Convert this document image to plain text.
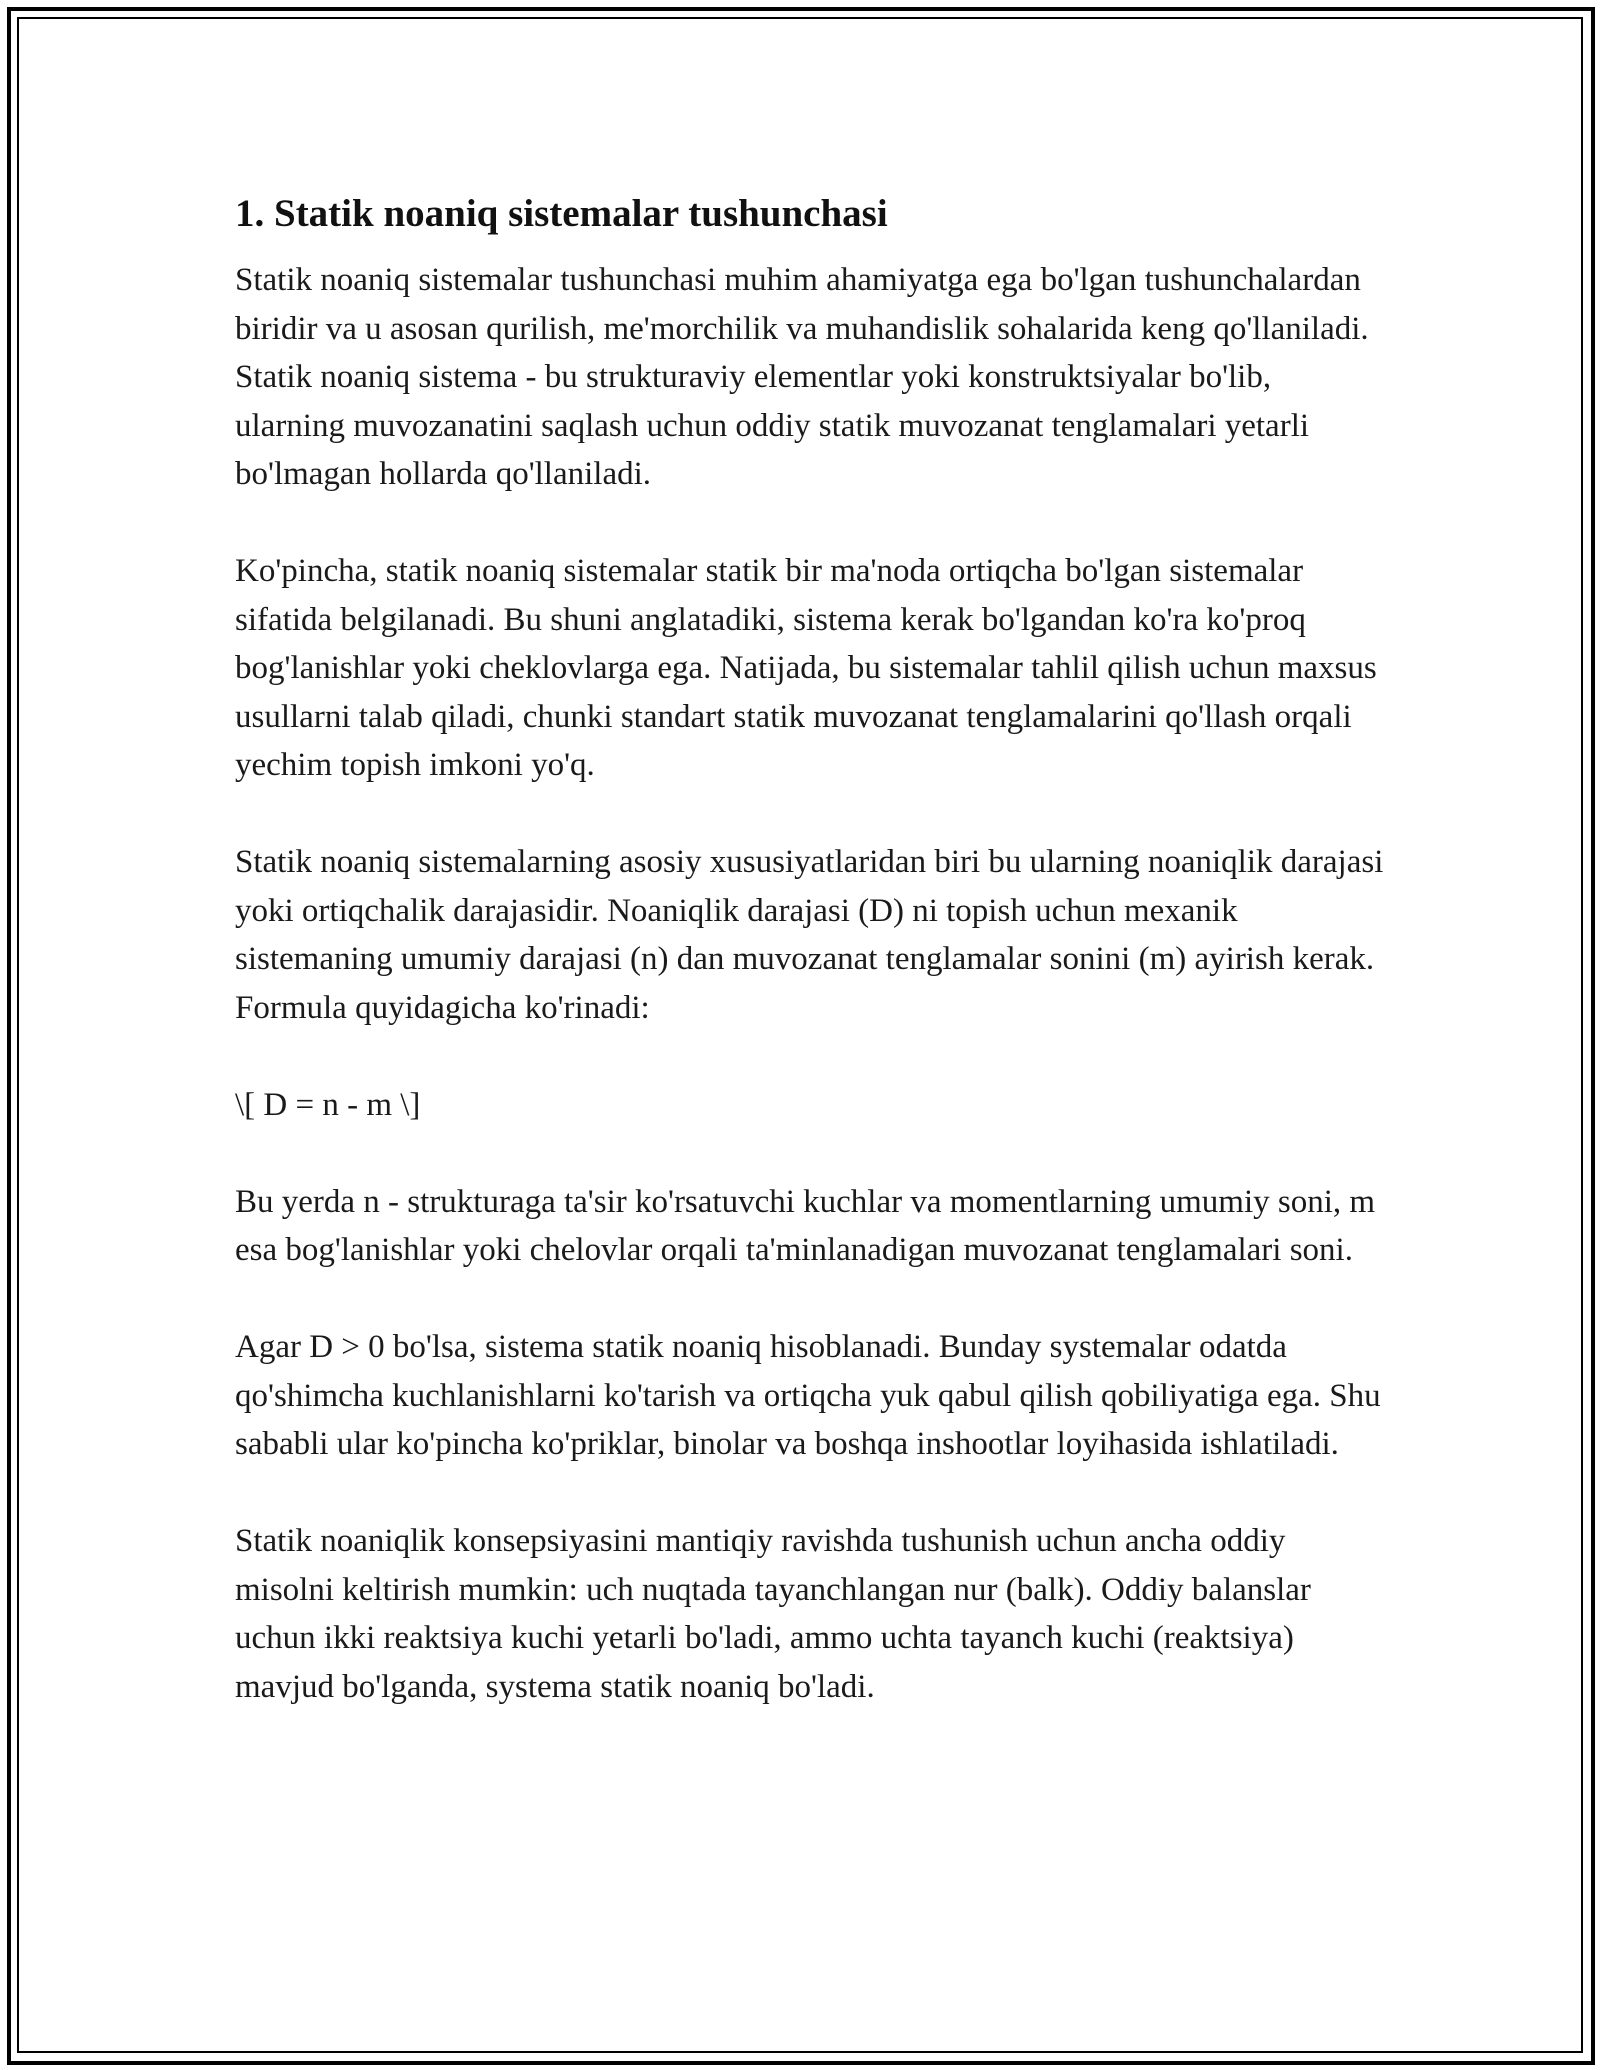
1. Statik noaniq sistemalar tushunchasi

Statik noaniq sistemalar tushunchasi muhim ahamiyatga ega bo'lgan tushunchalardan biridir va u asosan qurilish, me'morchilik va muhandislik sohalarida keng qo'llaniladi. Statik noaniq sistema - bu strukturaviy elementlar yoki konstruktsiyalar bo'lib, ularning muvozanatini saqlash uchun oddiy statik muvozanat tenglamalari yetarli bo'lmagan hollarda qo'llaniladi.

Ko'pincha, statik noaniq sistemalar statik bir ma'noda ortiqcha bo'lgan sistemalar sifatida belgilanadi. Bu shuni anglatadiki, sistema kerak bo'lgandan ko'ra ko'proq bog'lanishlar yoki cheklovlarga ega. Natijada, bu sistemalar tahlil qilish uchun maxsus usullarni talab qiladi, chunki standart statik muvozanat tenglamalarini qo'llash orqali yechim topish imkoni yo'q.

Statik noaniq sistemalarning asosiy xususiyatlaridan biri bu ularning noaniqlik darajasi yoki ortiqchalik darajasidir. Noaniqlik darajasi (D) ni topish uchun mexanik sistemaning umumiy darajasi (n) dan muvozanat tenglamalar sonini (m) ayirish kerak. Formula quyidagicha ko'rinadi:

\[ D = n - m \]

Bu yerda n - strukturaga ta'sir ko'rsatuvchi kuchlar va momentlarning umumiy soni, m esa bog'lanishlar yoki chelovlar orqali ta'minlanadigan muvozanat tenglamalari soni.

Agar D > 0 bo'lsa, sistema statik noaniq hisoblanadi. Bunday systemalar odatda qo'shimcha kuchlanishlarni ko'tarish va ortiqcha yuk qabul qilish qobiliyatiga ega. Shu sababli ular ko'pincha ko'priklar, binolar va boshqa inshootlar loyihasida ishlatiladi.

Statik noaniqlik konsepsiyasini mantiqiy ravishda tushunish uchun ancha oddiy misolni keltirish mumkin: uch nuqtada tayanchlangan nur (balk). Oddiy balanslar uchun ikki reaktsiya kuchi yetarli bo'ladi, ammo uchta tayanch kuchi (reaktsiya) mavjud bo'lganda, systema statik noaniq bo'ladi.
